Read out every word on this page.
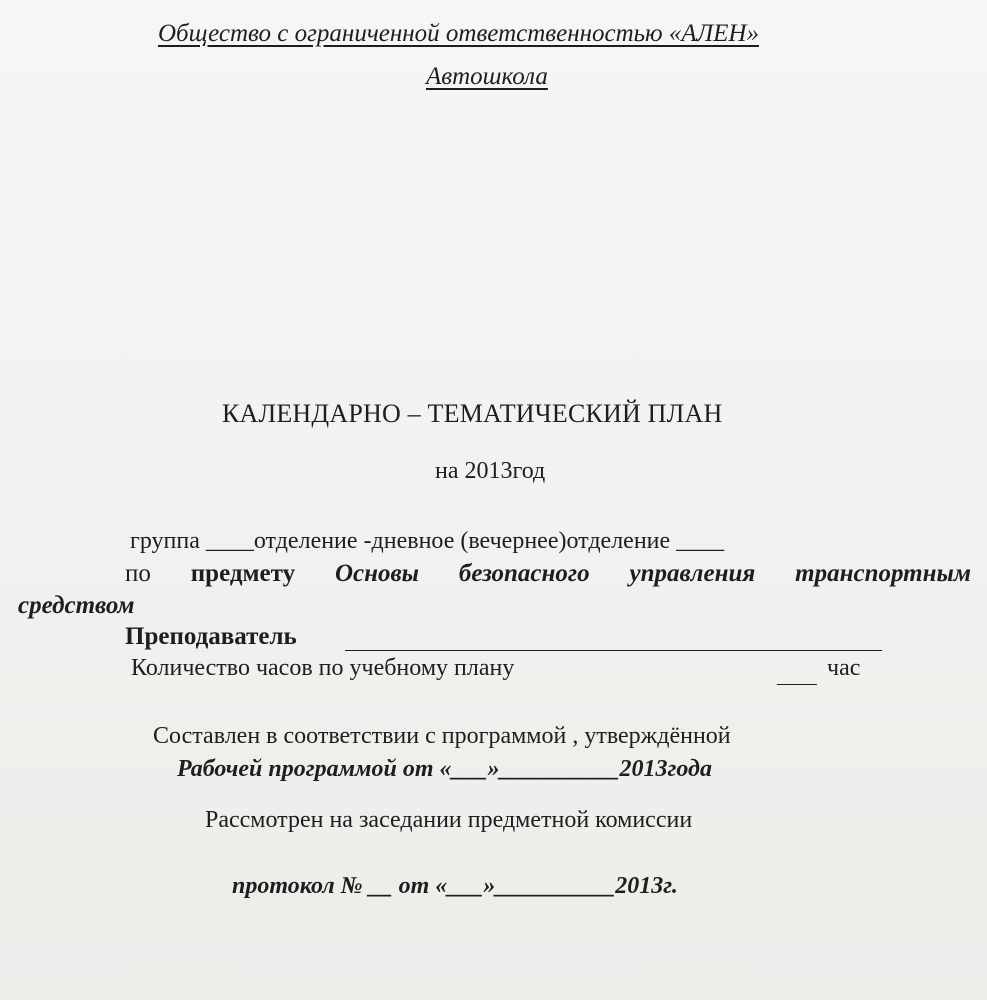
Общество с ограниченной ответственностью «АЛЕН»
Автошкола
КАЛЕНДАРНО – ТЕМАТИЧЕСКИЙ ПЛАН
на 2013год
группа ____отделение -дневное (вечернее)отделение ____
по предмету Основы безопасного управления транспортным
средством
Преподаватель
Количество часов по учебному плану	час
Составлен в соответствии с программой , утверждённой
Рабочей программой от «___»__________2013года
Рассмотрен на заседании предметной комиссии
протокол № __ от «___»__________2013г.
